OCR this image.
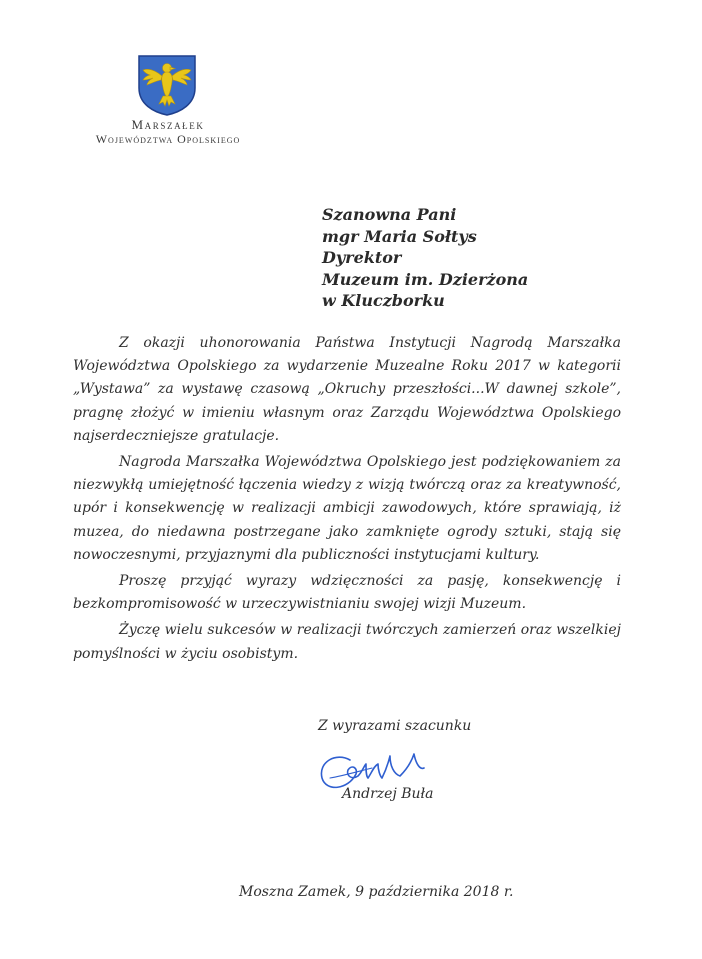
Marszałek
Województwa Opolskiego
Szanowna Pani
mgr Maria Sołtys
Dyrektor
Muzeum im. Dzierżona
w Kluczborku

Z okazji uhonorowania Państwa Instytucji Nagrodą Marszałka Województwa Opolskiego za wydarzenie Muzealne Roku 2017 w kategorii „Wystawa” za wystawę czasową „Okruchy przeszłości...W dawnej szkole”, pragnę złożyć w imieniu własnym oraz Zarządu Województwa Opolskiego najserdeczniejsze gratulacje.

Nagroda Marszałka Województwa Opolskiego jest podziękowaniem za niezwykłą umiejętność łączenia wiedzy z wizją twórczą oraz za kreatywność, upór i konsekwencję w realizacji ambicji zawodowych, które sprawiają, iż muzea, do niedawna postrzegane jako zamknięte ogrody sztuki, stają się nowoczesnymi, przyjaznymi dla publiczności instytucjami kultury.

Proszę przyjąć wyrazy wdzięczności za pasję, konsekwencję i bezkompromisowość w urzeczywistnianiu swojej wizji Muzeum.

Życzę wielu sukcesów w realizacji twórczych zamierzeń oraz wszelkiej pomyślności w życiu osobistym.

Z wyrazami szacunku
Andrzej Buła
Moszna Zamek, 9 października 2018 r.
